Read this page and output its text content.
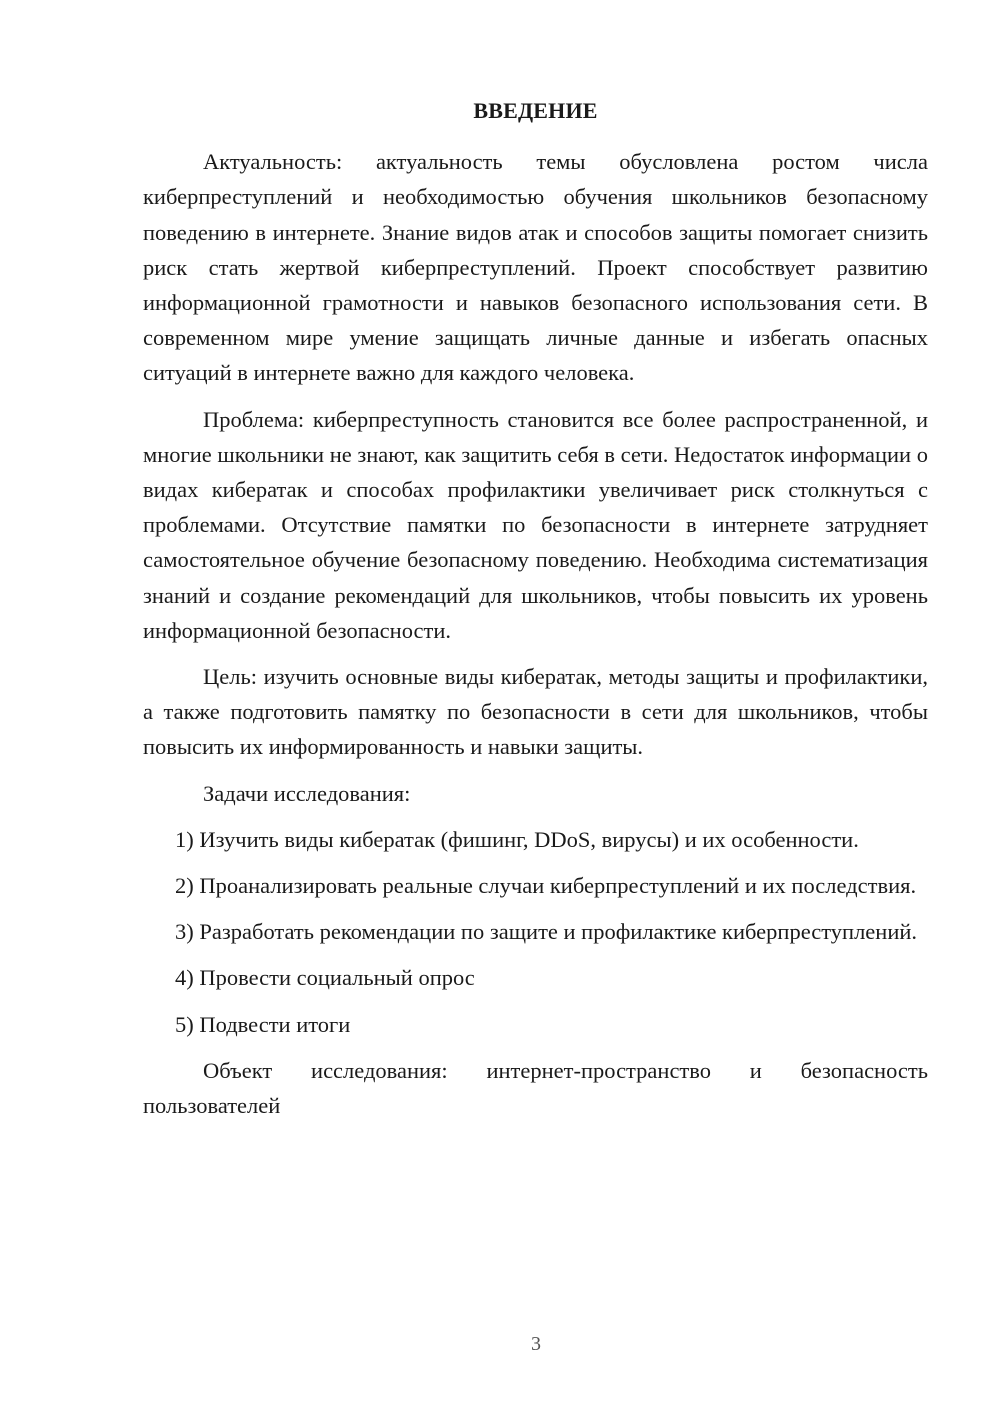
ВВЕДЕНИЕ

Актуальность: актуальность темы обусловлена ростом числа киберпреступлений и необходимостью обучения школьников безопасному поведению в интернете. Знание видов атак и способов защиты помогает снизить риск стать жертвой киберпреступлений. Проект способствует развитию информационной грамотности и навыков безопасного использования сети. В современном мире умение защищать личные данные и избегать опасных ситуаций в интернете важно для каждого человека.

Проблема: киберпреступность становится все более распространенной, и многие школьники не знают, как защитить себя в сети. Недостаток информации о видах кибератак и способах профилактики увеличивает риск столкнуться с проблемами. Отсутствие памятки по безопасности в интернете затрудняет самостоятельное обучение безопасному поведению. Необходима систематизация знаний и создание рекомендаций для школьников, чтобы повысить их уровень информационной безопасности.

Цель: изучить основные виды кибератак, методы защиты и профилактики, а также подготовить памятку по безопасности в сети для школьников, чтобы повысить их информированность и навыки защиты.

Задачи исследования:

1) Изучить виды кибератак (фишинг, DDoS, вирусы) и их особенности.

2) Проанализировать реальные случаи киберпреступлений и их последствия.

3) Разработать рекомендации по защите и профилактике киберпреступлений.

4) Провести социальный опрос

5) Подвести итоги

Объект исследования: интернет-пространство и безопасность пользователей

3
